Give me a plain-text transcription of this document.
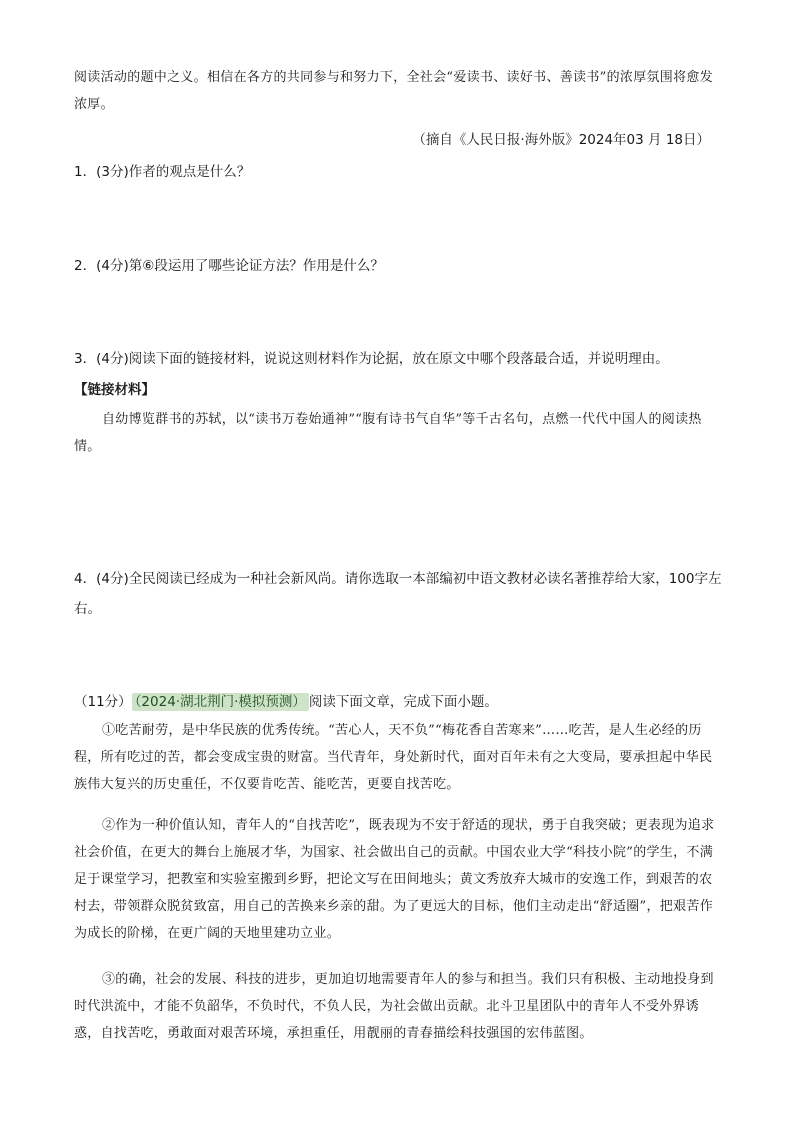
阅读活动的题中之义。相信在各方的共同参与和努力下，全社会“爱读书、读好书、善读书”的浓厚氛围将愈发浓厚。
（摘自《人民日报·海外版》2024年03 月 18日）
1．(3分)作者的观点是什么？
2．(4分)第⑥段运用了哪些论证方法？作用是什么？
3．(4分)阅读下面的链接材料，说说这则材料作为论据，放在原文中哪个段落最合适，并说明理由。
【链接材料】
自幼博览群书的苏轼，以“读书万卷始通神”“腹有诗书气自华”等千古名句，点燃一代代中国人的阅读热情。
4．(4分)全民阅读已经成为一种社会新风尚。请你选取一本部编初中语文教材必读名著推荐给大家，100字左右。
（11分） （2024·湖北荆门·模拟预测） 阅读下面文章，完成下面小题。
①吃苦耐劳，是中华民族的优秀传统。“苦心人，天不负”“梅花香自苦寒来”……吃苦，是人生必经的历程，所有吃过的苦，都会变成宝贵的财富。当代青年，身处新时代，面对百年未有之大变局，要承担起中华民族伟大复兴的历史重任，不仅要肯吃苦、能吃苦，更要自找苦吃。
②作为一种价值认知，青年人的“自找苦吃”，既表现为不安于舒适的现状，勇于自我突破；更表现为追求社会价值，在更大的舞台上施展才华，为国家、社会做出自己的贡献。中国农业大学“科技小院”的学生，不满足于课堂学习，把教室和实验室搬到乡野，把论文写在田间地头；黄文秀放弃大城市的安逸工作，到艰苦的农村去，带领群众脱贫致富，用自己的苦换来乡亲的甜。为了更远大的目标，他们主动走出“舒适圈”，把艰苦作为成长的阶梯，在更广阔的天地里建功立业。
③的确，社会的发展、科技的进步，更加迫切地需要青年人的参与和担当。我们只有积极、主动地投身到时代洪流中，才能不负韶华，不负时代，不负人民，为社会做出贡献。北斗卫星团队中的青年人不受外界诱惑，自找苦吃，勇敢面对艰苦环境，承担重任，用靓丽的青春描绘科技强国的宏伟蓝图。
